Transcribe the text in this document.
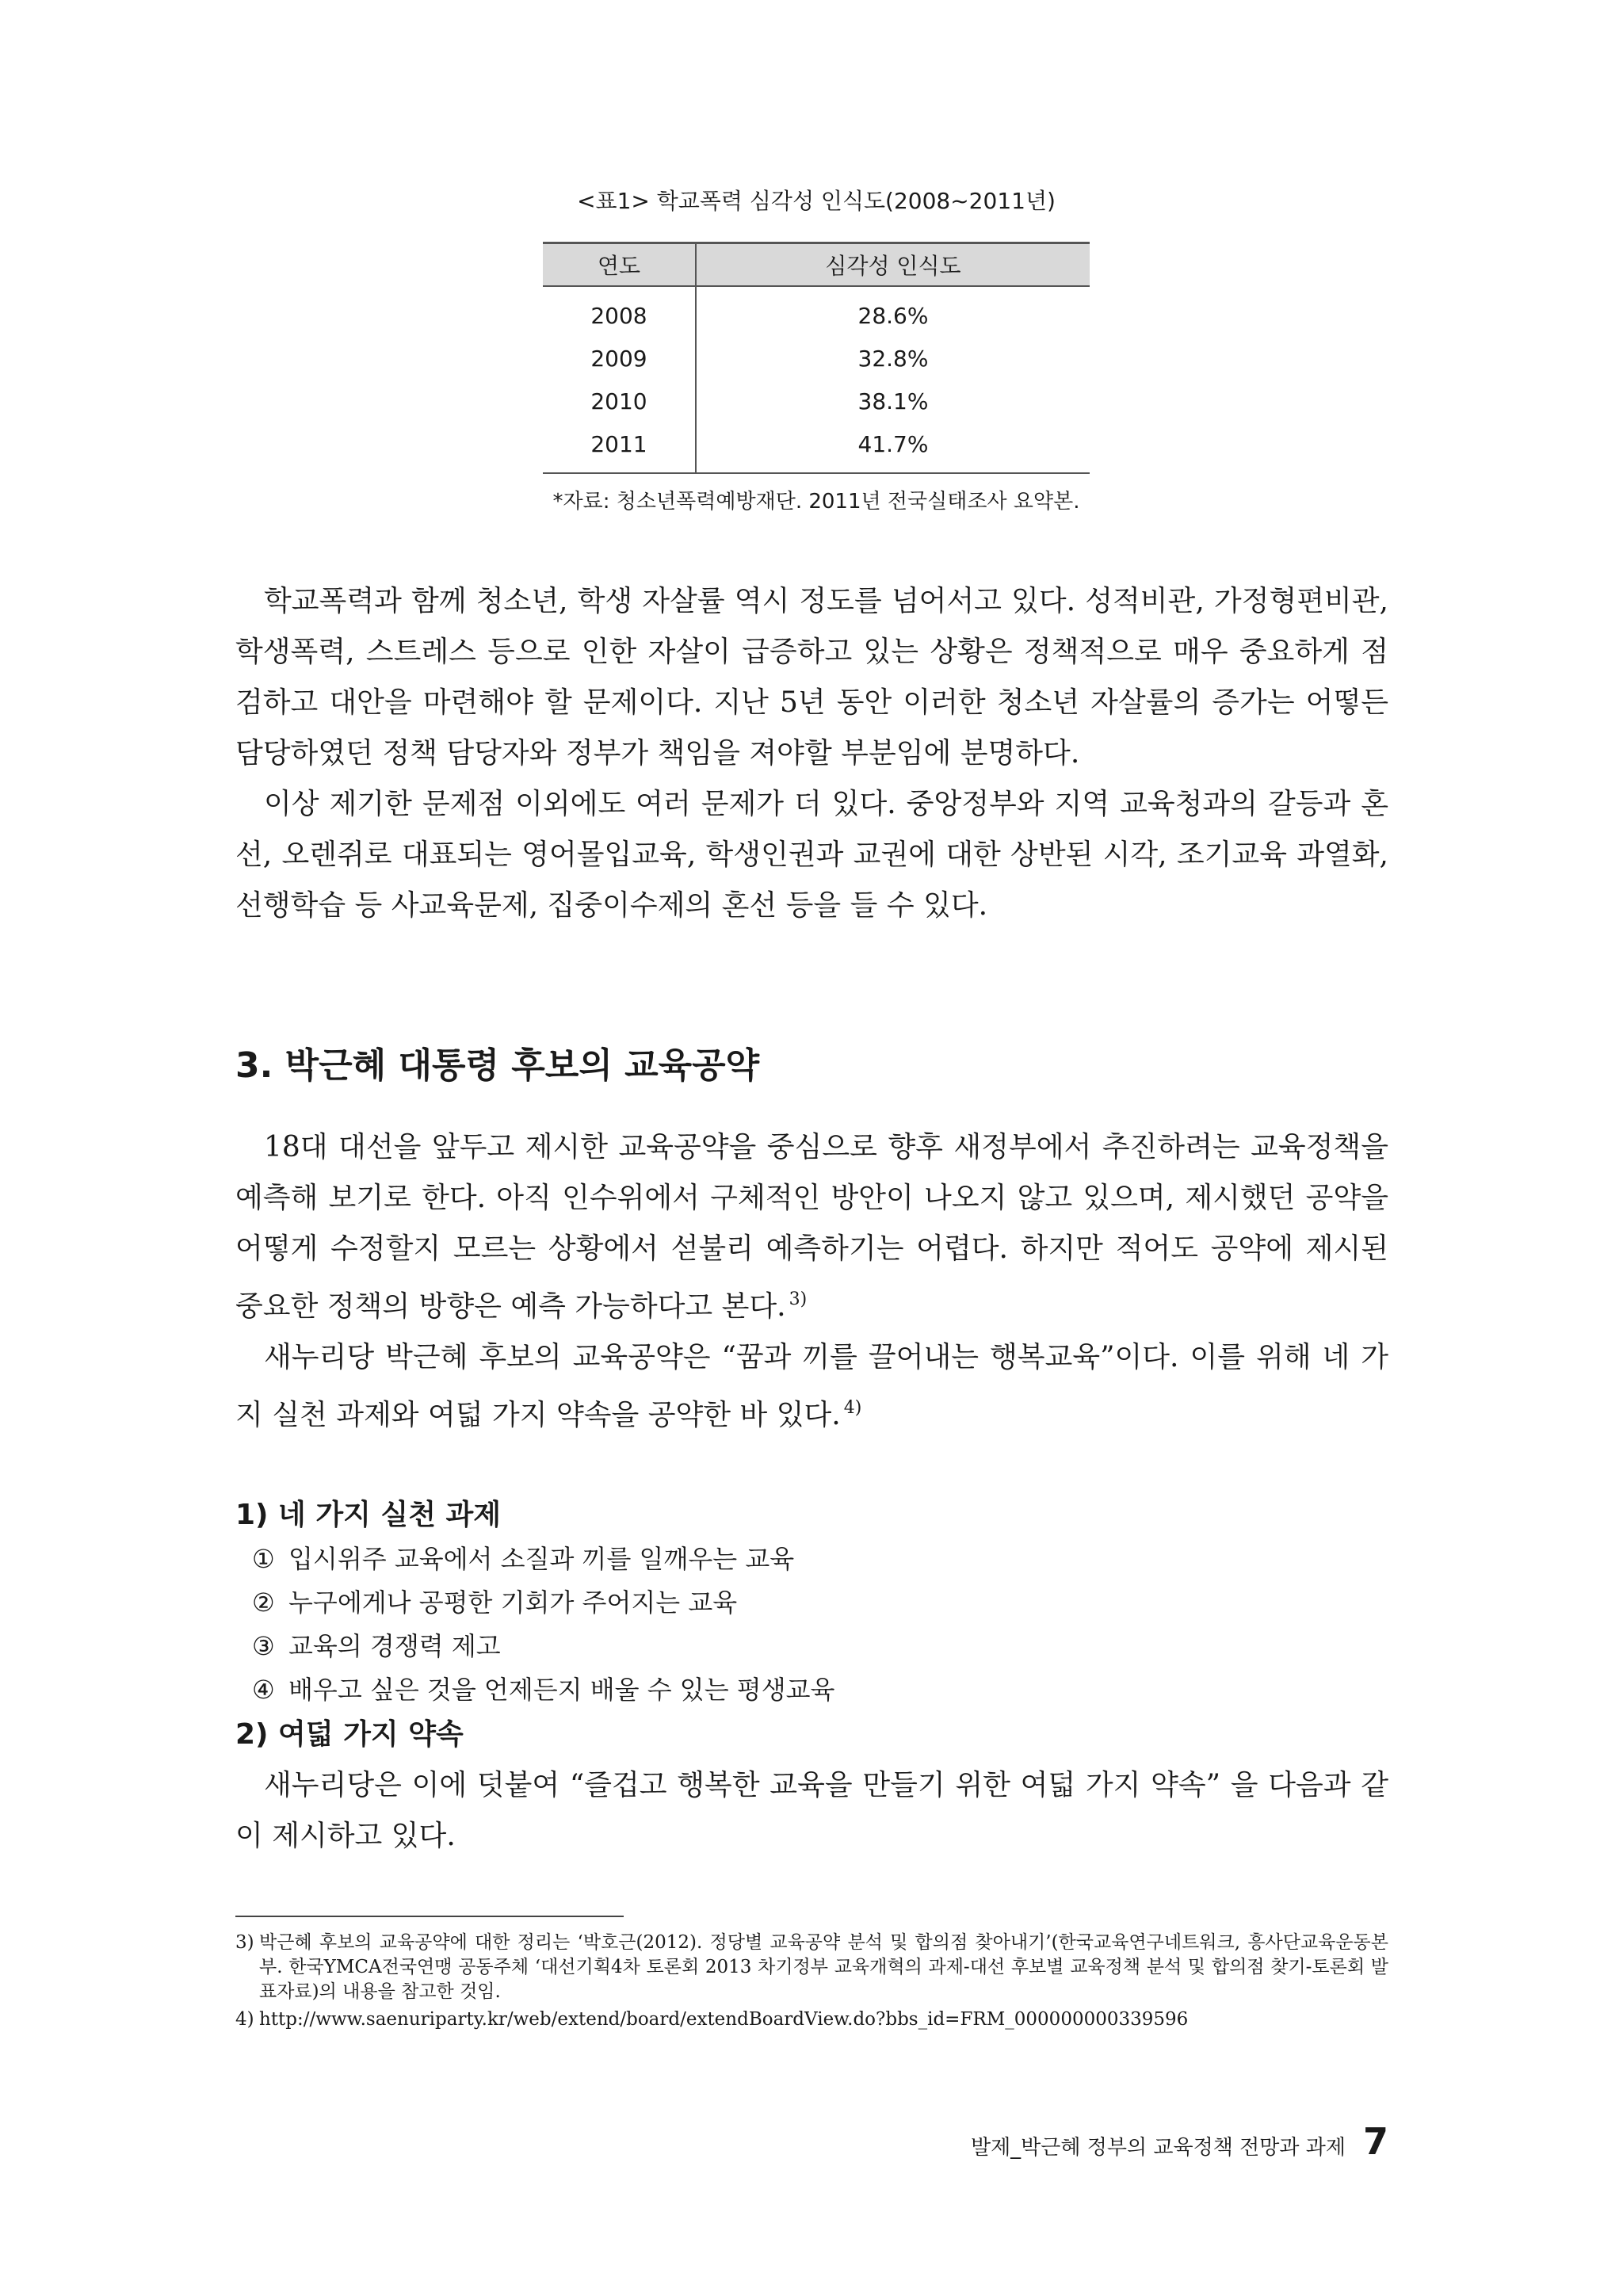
<표1> 학교폭력 심각성 인식도(2008~2011년)
연도	심각성 인식도
2008	28.6%
2009	32.8%
2010	38.1%
2011	41.7%
*자료: 청소년폭력예방재단. 2011년 전국실태조사 요약본.

학교폭력과 함께 청소년, 학생 자살률 역시 정도를 넘어서고 있다. 성적비관, 가정형편비관, 학생폭력, 스트레스 등으로 인한 자살이 급증하고 있는 상황은 정책적으로 매우 중요하게 점검하고 대안을 마련해야 할 문제이다. 지난 5년 동안 이러한 청소년 자살률의 증가는 어떻든 담당하였던 정책 담당자와 정부가 책임을 져야할 부분임에 분명하다.

이상 제기한 문제점 이외에도 여러 문제가 더 있다. 중앙정부와 지역 교육청과의 갈등과 혼선, 오렌쥐로 대표되는 영어몰입교육, 학생인권과 교권에 대한 상반된 시각, 조기교육 과열화, 선행학습 등 사교육문제, 집중이수제의 혼선 등을 들 수 있다.

3. 박근혜 대통령 후보의 교육공약

18대 대선을 앞두고 제시한 교육공약을 중심으로 향후 새정부에서 추진하려는 교육정책을 예측해 보기로 한다. 아직 인수위에서 구체적인 방안이 나오지 않고 있으며, 제시했던 공약을 어떻게 수정할지 모르는 상황에서 섣불리 예측하기는 어렵다. 하지만 적어도 공약에 제시된 중요한 정책의 방향은 예측 가능하다고 본다. $^{3)}$

새누리당 박근혜 후보의 교육공약은 “꿈과 끼를 끌어내는 행복교육”이다. 이를 위해 네 가지 실천 과제와 여덟 가지 약속을 공약한 바 있다. $^{4)}$

1) 네 가지 실천 과제
① 입시위주 교육에서 소질과 끼를 일깨우는 교육
② 누구에게나 공평한 기회가 주어지는 교육
③ 교육의 경쟁력 제고
④ 배우고 싶은 것을 언제든지 배울 수 있는 평생교육
2) 여덟 가지 약속

새누리당은 이에 덧붙여 “즐겁고 행복한 교육을 만들기 위한 여덟 가지 약속” 을 다음과 같이 제시하고 있다.

3) 박근혜 후보의 교육공약에 대한 정리는 ‘박호근(2012). 정당별 교육공약 분석 및 합의점 찾아내기’(한국교육연구네트워크, 흥사단교육운동본부. 한국YMCA전국연맹 공동주체 ‘대선기획4차 토론회 2013 차기정부 교육개혁의 과제-대선 후보별 교육정책 분석 및 합의점 찾기-토론회 발표자료)의 내용을 참고한 것임.
4) http://www.saenuriparty.kr/web/extend/board/extendBoardView.do?bbs_id=FRM_000000000339596
발제_박근혜 정부의 교육정책 전망과 과제 7
